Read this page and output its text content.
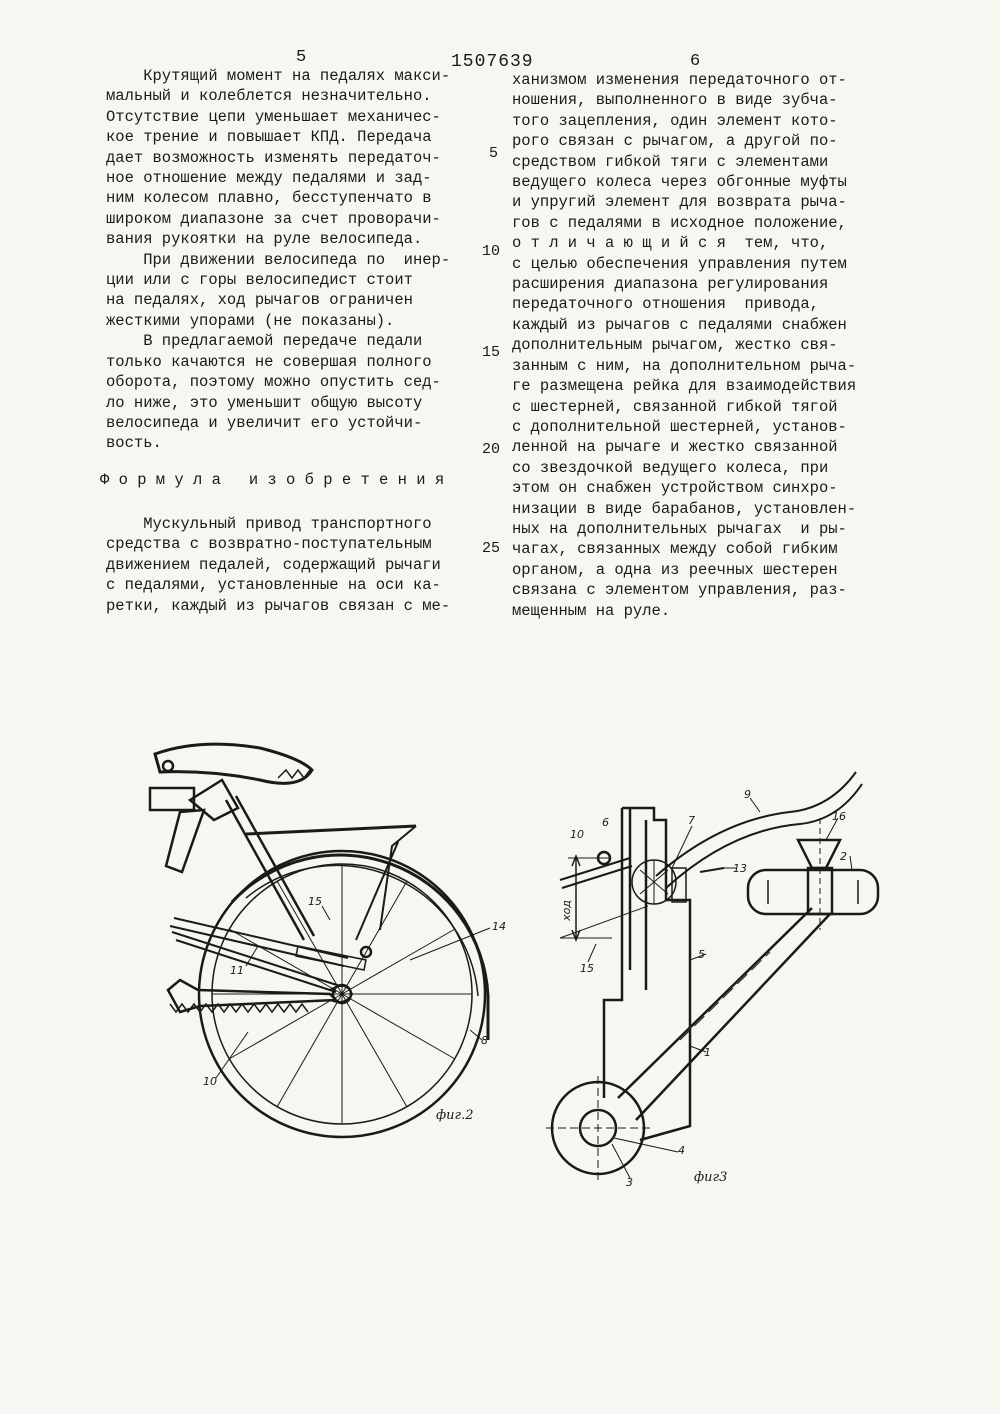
5	1507639	6
Крутящий момент на педалях макси-
мальный и колеблется незначительно.
Отсутствие цепи уменьшает механичес-
кое трение и повышает КПД. Передача
дает возможность изменять передаточ-
ное отношение между педалями и зад-
ним колесом плавно, бесступенчато в
широком диапазоне за счет проворачи-
вания рукоятки на руле велосипеда.
При движении велосипеда по  инер-
ции или с горы велосипедист стоит
на педалях, ход рычагов ограничен
жесткими упорами (не показаны).
В предлагаемой передаче педали
только качаются не совершая полного
оборота, поэтому можно опустить сед-
ло ниже, это уменьшит общую высоту
велосипеда и увеличит его устойчи-
вость.
Ф о р м у л а   и з о б р е т е н и я
Мускульный привод транспортного
средства с возвратно-поступательным
движением педалей, содержащий рычаги
с педалями, установленные на оси ка-
ретки, каждый из рычагов связан с ме-
5
10
15
20
25
ханизмом изменения передаточного от-
ношения, выполненного в виде зубча-
того зацепления, один элемент кото-
рого связан с рычагом, а другой по-
средством гибкой тяги с элементами
ведущего колеса через обгонные муфты
и упругий элемент для возврата рыча-
гов с педалями в исходное положение,
о т л и ч а ю щ и й с я  тем, что,
с целью обеспечения управления путем
расширения диапазона регулирования
передаточного отношения  привода,
каждый из рычагов с педалями снабжен
дополнительным рычагом, жестко свя-
занным с ним, на дополнительном рыча-
ге размещена рейка для взаимодействия
с шестерней, связанной гибкой тягой
с дополнительной шестерней, установ-
ленной на рычаге и жестко связанной
со звездочкой ведущего колеса, при
этом он снабжен устройством синхро-
низации в виде барабанов, установлен-
ных на дополнительных рычагах  и ры-
чагах, связанных между собой гибким
органом, а одна из реечных шестерен
связана с элементом управления, раз-
мещенным на руле.
15
14
11
10
8
фиг.2
9
10
6	7
13
16
2
ход
15
5
1
4
3	фиг3
